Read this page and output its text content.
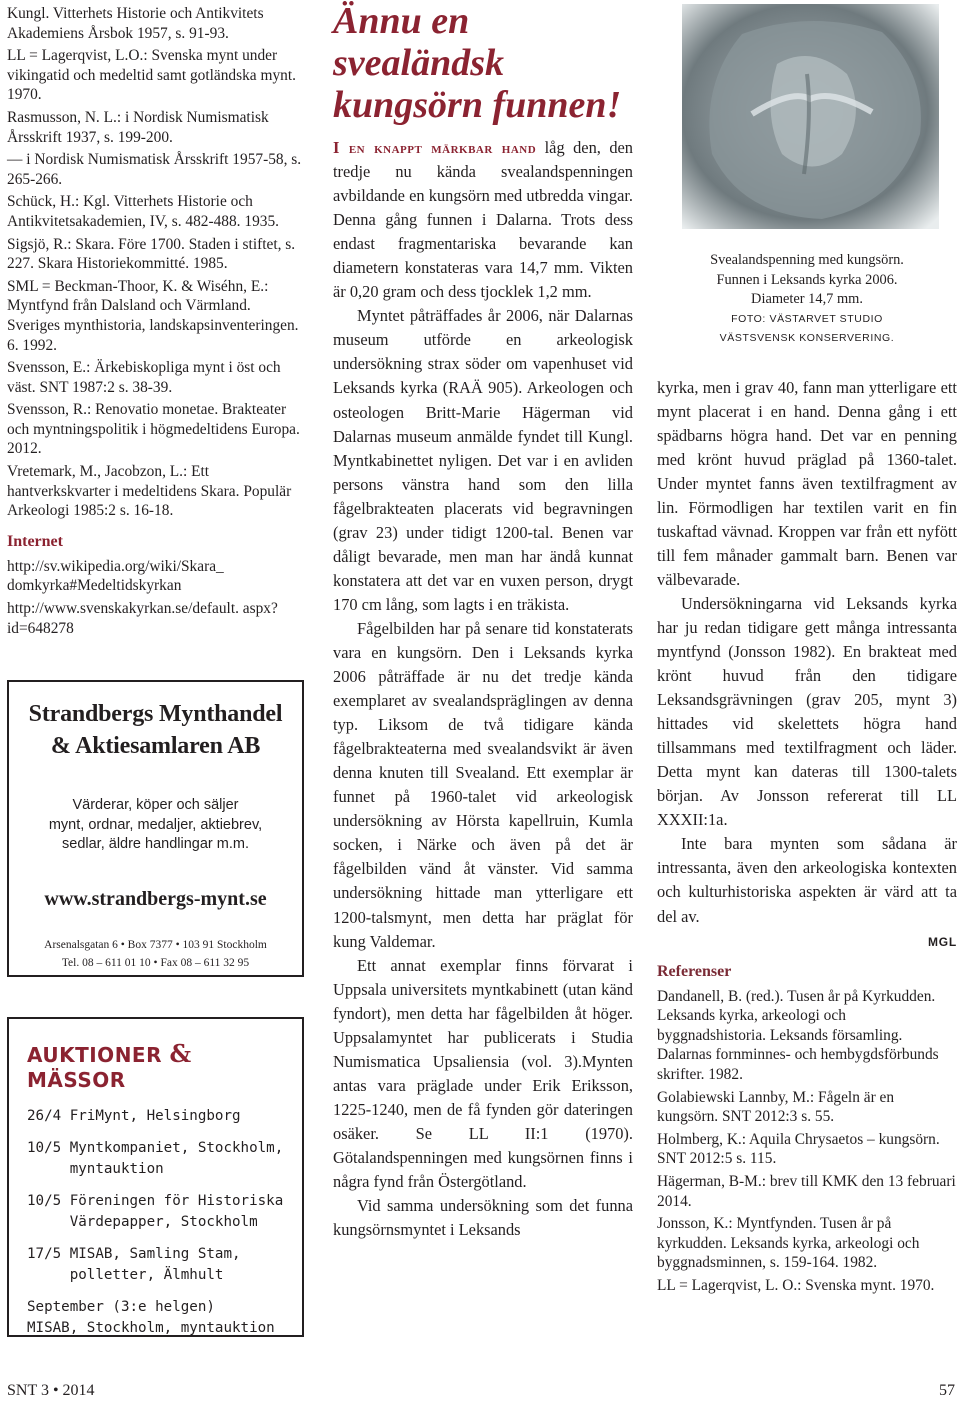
Kungl. Vitterhets Historie och Antikvitets Akademiens Årsbok 1957, s. 91-93.

LL = Lagerqvist, L.O.: Svenska mynt under vikingatid och medeltid samt gotländska mynt. 1970.

Rasmusson, N. L.: i Nordisk Numismatisk Årsskrift 1937, s. 199-200.

— i Nordisk Numismatisk Årsskrift 1957-58, s. 265-266.

Schück, H.: Kgl. Vitterhets Historie och Antikvitetsakademien, IV, s. 482-488. 1935.

Sigsjö, R.: Skara. Före 1700. Staden i stiftet, s. 227. Skara Historiekommitté. 1985.

SML = Beckman-Thoor, K. & Wiséhn, E.: Myntfynd från Dalsland och Värmland. Sveriges mynthistoria, landskapsinventeringen. 6. 1992.

Svensson, E.: Ärkebiskopliga mynt i öst och väst. SNT 1987:2 s. 38-39.

Svensson, R.: Renovatio monetae. Brakteater och myntningspolitik i högmedeltidens Europa. 2012.

Vretemark, M., Jacobzon, L.: Ett hantverkskvarter i medeltidens Skara. Populär Arkeologi 1985:2 s. 16-18.

Internet

http://sv.wikipedia.org/wiki/Skara_ domkyrka#Medeltidskyrkan

http://www.svenskakyrkan.se/default. aspx?id=648278

Strandbergs Mynthandel
& Aktiesamlaren AB
Värderar, köper och säljer
mynt, ordnar, medaljer, aktiebrev,
sedlar, äldre handlingar m.m.
www.strandbergs-mynt.se
Arsenalsgatan 6 • Box 7377 • 103 91 Stockholm
Tel. 08 – 611 01 10 • Fax 08 – 611 32 95
AUKTIONER & MÄSSOR
26/4 FriMynt, Helsingborg
10/5 Myntkompaniet, Stockholm, myntauktion
10/5 Föreningen för Historiska Värdepapper, Stockholm
17/5 MISAB, Samling Stam, polletter, Älmhult
September (3:e helgen)
MISAB, Stockholm, myntauktion
SNT 3 • 2014	57
Ännu en svealändsk kungsörn funnen!

I en knappt märkbar hand låg den, den tredje nu kända svealandspenningen avbildande en kungsörn med utbredda vingar. Denna gång funnen i Dalarna. Trots dess endast fragmentariska bevarande kan diametern konstateras vara 14,7 mm. Vikten är 0,20 gram och dess tjocklek 1,2 mm.

Myntet påträffades år 2006, när Dalarnas museum utförde en arkeologisk undersökning strax söder om vapenhuset vid Leksands kyrka (RAÄ 905). Arkeologen och osteologen Britt-Marie Hägerman vid Dalarnas museum anmälde fyndet till Kungl. Myntkabinettet nyligen. Det var i en avliden persons vänstra hand som den lilla fågelbrakteaten placerats vid begravningen (grav 23) under tidigt 1200-tal. Benen var dåligt bevarade, men man har ändå kunnat konstatera att det var en vuxen person, drygt 170 cm lång, som lagts i en träkista.

Fågelbilden har på senare tid konstaterats vara en kungsörn. Den i Leksands kyrka 2006 påträffade är nu det tredje kända exemplaret av svealandspräglingen av denna typ. Liksom de två tidigare kända fågelbrakteaterna med svealandsvikt är även denna knuten till Svealand. Ett exemplar är funnet på 1960-talet vid arkeologisk undersökning av Hörsta kapellruin, Kumla socken, i Närke och även på det är fågelbilden vänd åt vänster. Vid samma undersökning hittade man ytterligare ett 1200-talsmynt, men detta har präglat för kung Valdemar.

Ett annat exemplar finns förvarat i Uppsala universitets myntkabinett (utan känd fyndort), men detta har fågelbilden åt höger. Uppsalamyntet har publicerats i Studia Numismatica Upsaliensia (vol. 3).Mynten antas vara präglade under Erik Eriksson, 1225-1240, men de få fynden gör dateringen osäker. Se LL II:1 (1970). Götalandspenningen med kungsörnen finns i några fynd från Östergötland.

Vid samma undersökning som det funna kungsörnsmyntet i Leksands

Svealandspenning med kungsörn.
Funnen i Leksands kyrka 2006.
Diameter 14,7 mm.
FOTO: VÄSTARVET STUDIO
VÄSTSVENSK KONSERVERING.

kyrka, men i grav 40, fann man ytterligare ett mynt placerat i en hand. Denna gång i ett spädbarns högra hand. Det var en penning med krönt huvud präglad på 1360-talet. Under myntet fanns även textilfragment av lin. Förmodligen har textilen varit en fin tuskaftad vävnad. Kroppen var från ett nyfött till fem månader gammalt barn. Benen var välbevarade.

Undersökningarna vid Leksands kyrka har ju redan tidigare gett många intressanta myntfynd (Jonsson 1982). En brakteat med krönt huvud från den tidigare Leksandsgrävningen (grav 205, mynt 3) hittades vid skelettets högra hand tillsammans med textilfragment och läder. Detta mynt kan dateras till 1300-talets början. Av Jonsson refererat till LL XXXII:1a.

Inte bara mynten som sådana är intressanta, även den arkeologiska kontexten och kulturhistoriska aspekten är värd att ta del av.

MGL
Referenser

Dandanell, B. (red.). Tusen år på Kyrkudden. Leksands kyrka, arkeologi och byggnadshistoria. Leksands församling. Dalarnas fornminnes- och hembygdsförbunds skrifter. 1982.

Golabiewski Lannby, M.: Fågeln är en kungsörn. SNT 2012:3 s. 55.

Holmberg, K.: Aquila Chrysaetos – kungsörn. SNT 2012:5 s. 115.

Hägerman, B-M.: brev till KMK den 13 februari 2014.

Jonsson, K.: Myntfynden. Tusen år på kyrkudden. Leksands kyrka, arkeologi och byggnadsminnen, s. 159-164. 1982.

LL = Lagerqvist, L. O.: Svenska mynt. 1970.
